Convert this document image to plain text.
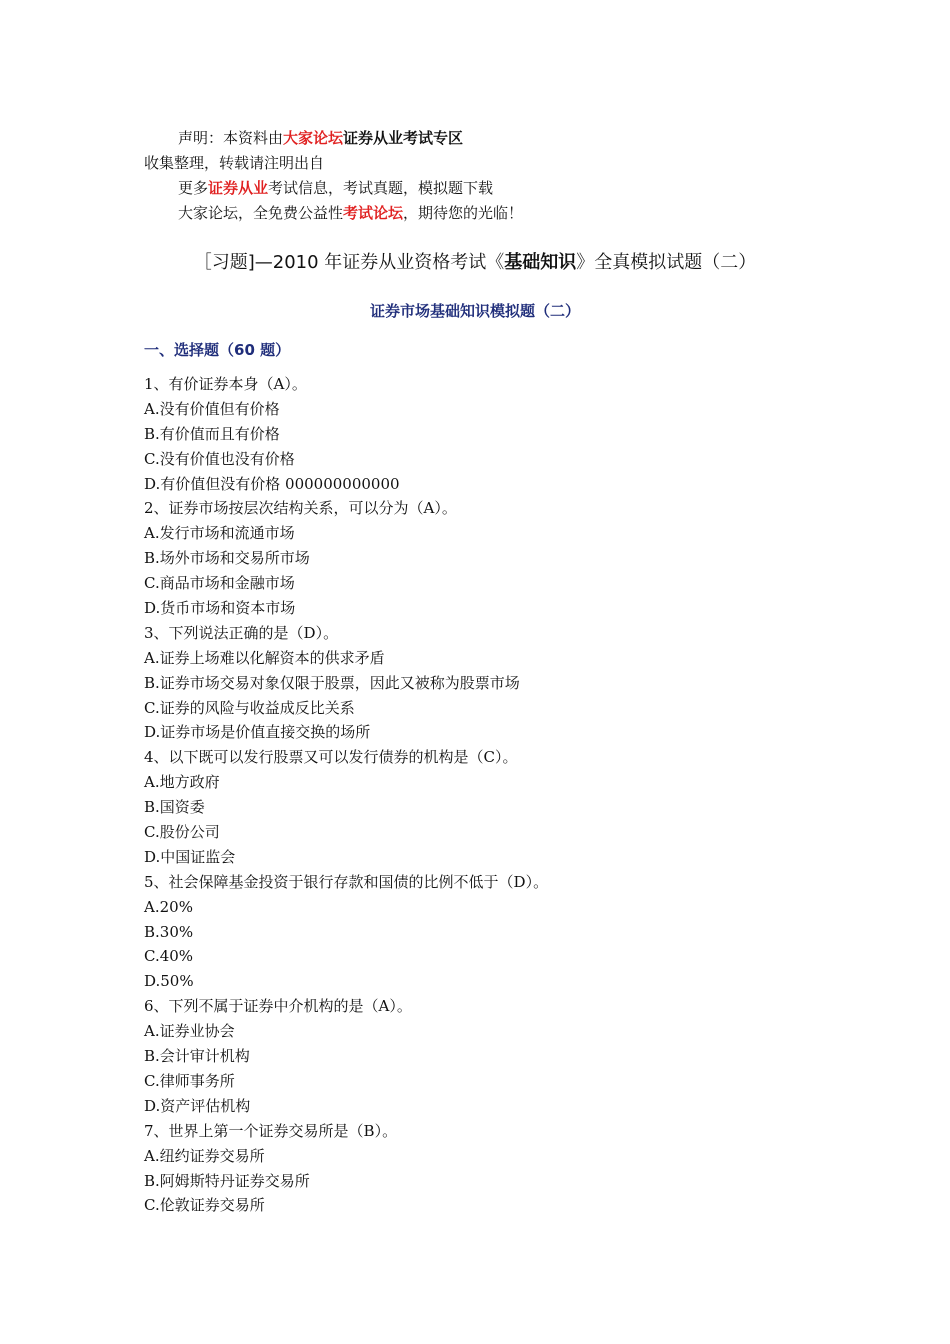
声明：本资料由大家论坛证券从业考试专区
收集整理，转载请注明出自
更多证券从业考试信息，考试真题，模拟题下载
大家论坛，全免费公益性考试论坛，期待您的光临！
［习题]—2010 年证券从业资格考试《基础知识》全真模拟试题（二）
证券市场基础知识模拟题（二）
一、选择题（60 题）
1、有价证券本身（A）。
A.没有价值但有价格
B.有价值而且有价格
C.没有价值也没有价格
D.有价值但没有价格 000000000000
2、证券市场按层次结构关系，可以分为（A）。
A.发行市场和流通市场
B.场外市场和交易所市场
C.商品市场和金融市场
D.货币市场和资本市场
3、下列说法正确的是（D）。
A.证券上场难以化解资本的供求矛盾
B.证券市场交易对象仅限于股票，因此又被称为股票市场
C.证券的风险与收益成反比关系
D.证券市场是价值直接交换的场所
4、以下既可以发行股票又可以发行债券的机构是（C）。
A.地方政府
B.国资委
C.股份公司
D.中国证监会
5、社会保障基金投资于银行存款和国债的比例不低于（D）。
A.20%
B.30%
C.40%
D.50%
6、下列不属于证券中介机构的是（A）。
A.证券业协会
B.会计审计机构
C.律师事务所
D.资产评估机构
7、世界上第一个证券交易所是（B）。
A.纽约证券交易所
B.阿姆斯特丹证券交易所
C.伦敦证券交易所
